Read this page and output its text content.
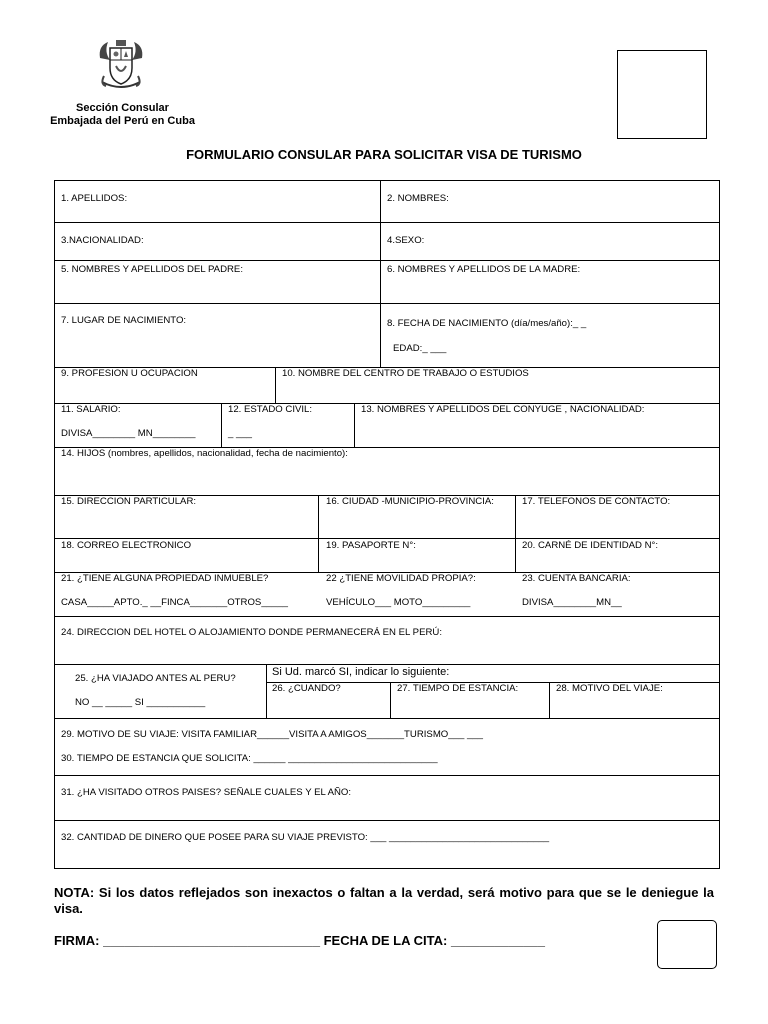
Sección Consular
Embajada del Perú en Cuba
FORMULARIO CONSULAR PARA SOLICITAR VISA DE TURISMO
1. APELLIDOS:	2. NOMBRES:
3.NACIONALIDAD:	4.SEXO:
5. NOMBRES Y APELLIDOS DEL PADRE:	6. NOMBRES Y APELLIDOS DE LA MADRE:
7. LUGAR DE NACIMIENTO:	8. FECHA DE NACIMIENTO (día/mes/año):_ _
EDAD:_ ___
9. PROFESION U OCUPACION	10. NOMBRE DEL CENTRO DE TRABAJO O ESTUDIOS
11. SALARIO:
DIVISA________ MN________
12. ESTADO CIVIL:
_ ___
13. NOMBRES Y APELLIDOS DEL CONYUGE , NACIONALIDAD:
14. HIJOS (nombres, apellidos, nacionalidad, fecha de nacimiento):
15. DIRECCION PARTICULAR:	16. CIUDAD -MUNICIPIO-PROVINCIA:	17. TELEFONOS DE CONTACTO:
18. CORREO ELECTRONICO	19. PASAPORTE N°:	20. CARNÉ DE IDENTIDAD N°:
21. ¿TIENE ALGUNA PROPIEDAD INMUEBLE?
CASA_____APTO._ __FINCA_______OTROS_____
22 ¿TIENE MOVILIDAD PROPIA?:
VEHÍCULO___ MOTO_________
23. CUENTA BANCARIA:
DIVISA________MN__
24. DIRECCION DEL HOTEL O ALOJAMIENTO DONDE PERMANECERÁ EN EL PERÚ:
25. ¿HA VIAJADO ANTES AL PERU?
NO __ _____ SI ___________
Si Ud. marcó SI, indicar lo siguiente:
26. ¿CUANDO?	27. TIEMPO DE ESTANCIA:	28. MOTIVO DEL VIAJE:
29. MOTIVO DE SU VIAJE: VISITA FAMILIAR______VISITA A AMIGOS_______TURISMO___ ___
30. TIEMPO DE ESTANCIA QUE SOLICITA: ______ ____________________________
31. ¿HA VISITADO OTROS PAISES? SEÑALE CUALES Y EL AÑO:
32. CANTIDAD DE DINERO QUE POSEE PARA SU VIAJE PREVISTO: ___ ______________________________
NOTA: Si los datos reflejados son inexactos o faltan a la verdad, será motivo para que se le deniegue la visa.
FIRMA: ______________________________ FECHA DE LA CITA: _____________
